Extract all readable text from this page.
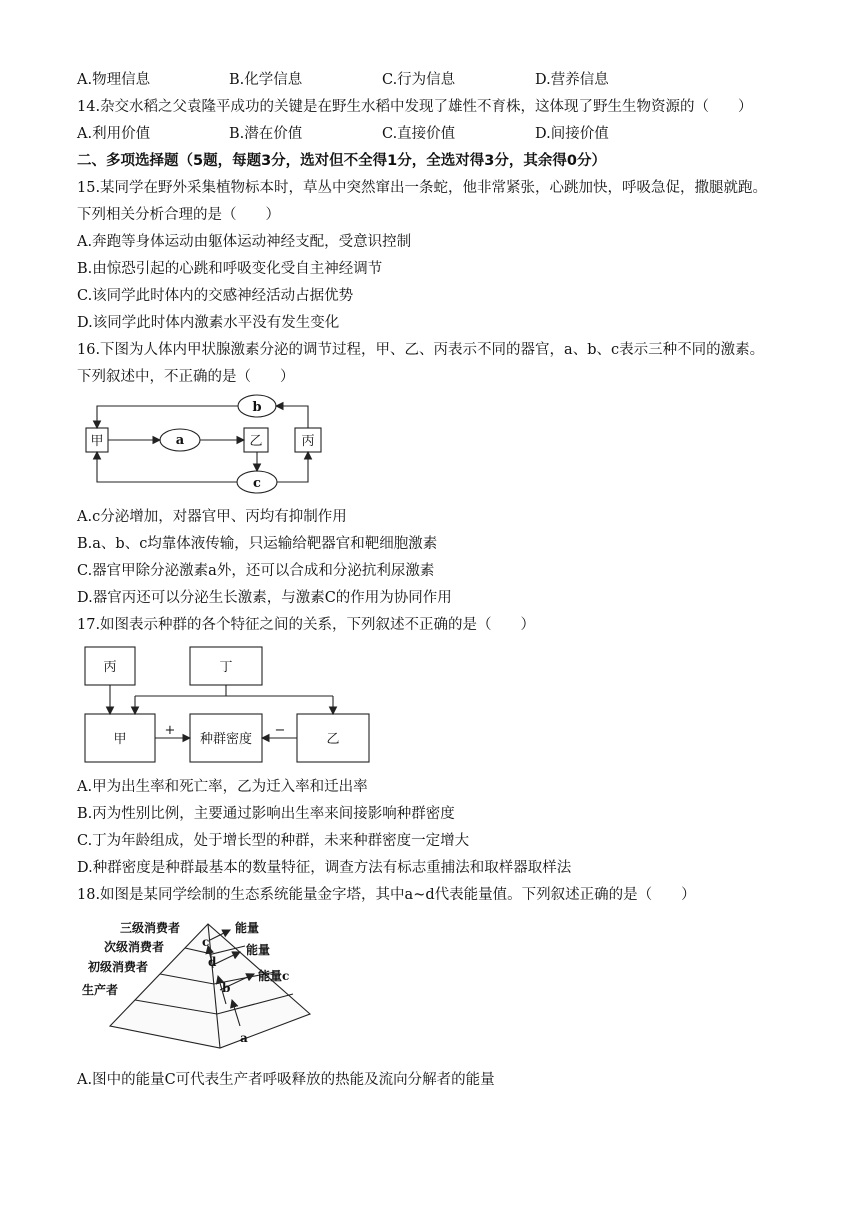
A.物理信息	B.化学信息	C.行为信息	D.营养信息
14.杂交水稻之父袁隆平成功的关键是在野生水稻中发现了雄性不育株，这体现了野生生物资源的（　　）
A.利用价值	B.潜在价值	C.直接价值	D.间接价值
二、多项选择题（5题，每题3分，选对但不全得1分，全选对得3分，其余得0分）
15.某同学在野外采集植物标本时，草丛中突然窜出一条蛇，他非常紧张，心跳加快，呼吸急促，撒腿就跑。
下列相关分析合理的是（　　）
A.奔跑等身体运动由躯体运动神经支配，受意识控制
B.由惊恐引起的心跳和呼吸变化受自主神经调节
C.该同学此时体内的交感神经活动占据优势
D.该同学此时体内激素水平没有发生变化
16.下图为人体内甲状腺激素分泌的调节过程，甲、乙、丙表示不同的器官，a、b、c表示三种不同的激素。
下列叙述中，不正确的是（　　）
甲	乙	丙
a
b
c
A.c分泌增加，对器官甲、丙均有抑制作用
B.a、b、c均靠体液传输，只运输给靶器官和靶细胞激素
C.器官甲除分泌激素a外，还可以合成和分泌抗利尿激素
D.器官丙还可以分泌生长激素，与激素C的作用为协同作用
17.如图表示种群的各个特征之间的关系，下列叙述不正确的是（　　）
丙	丁
甲	种群密度	乙
+	−
A.甲为出生率和死亡率，乙为迁入率和迁出率
B.丙为性别比例，主要通过影响出生率来间接影响种群密度
C.丁为年龄组成，处于增长型的种群，未来种群密度一定增大
D.种群密度是种群最基本的数量特征，调查方法有标志重捕法和取样器取样法
18.如图是某同学绘制的生态系统能量金字塔，其中a~d代表能量值。下列叙述正确的是（　　）
三级消费者
次级消费者
初级消费者
生产者
能量
能量
能量c
c
d
b
a
A.图中的能量C可代表生产者呼吸释放的热能及流向分解者的能量
